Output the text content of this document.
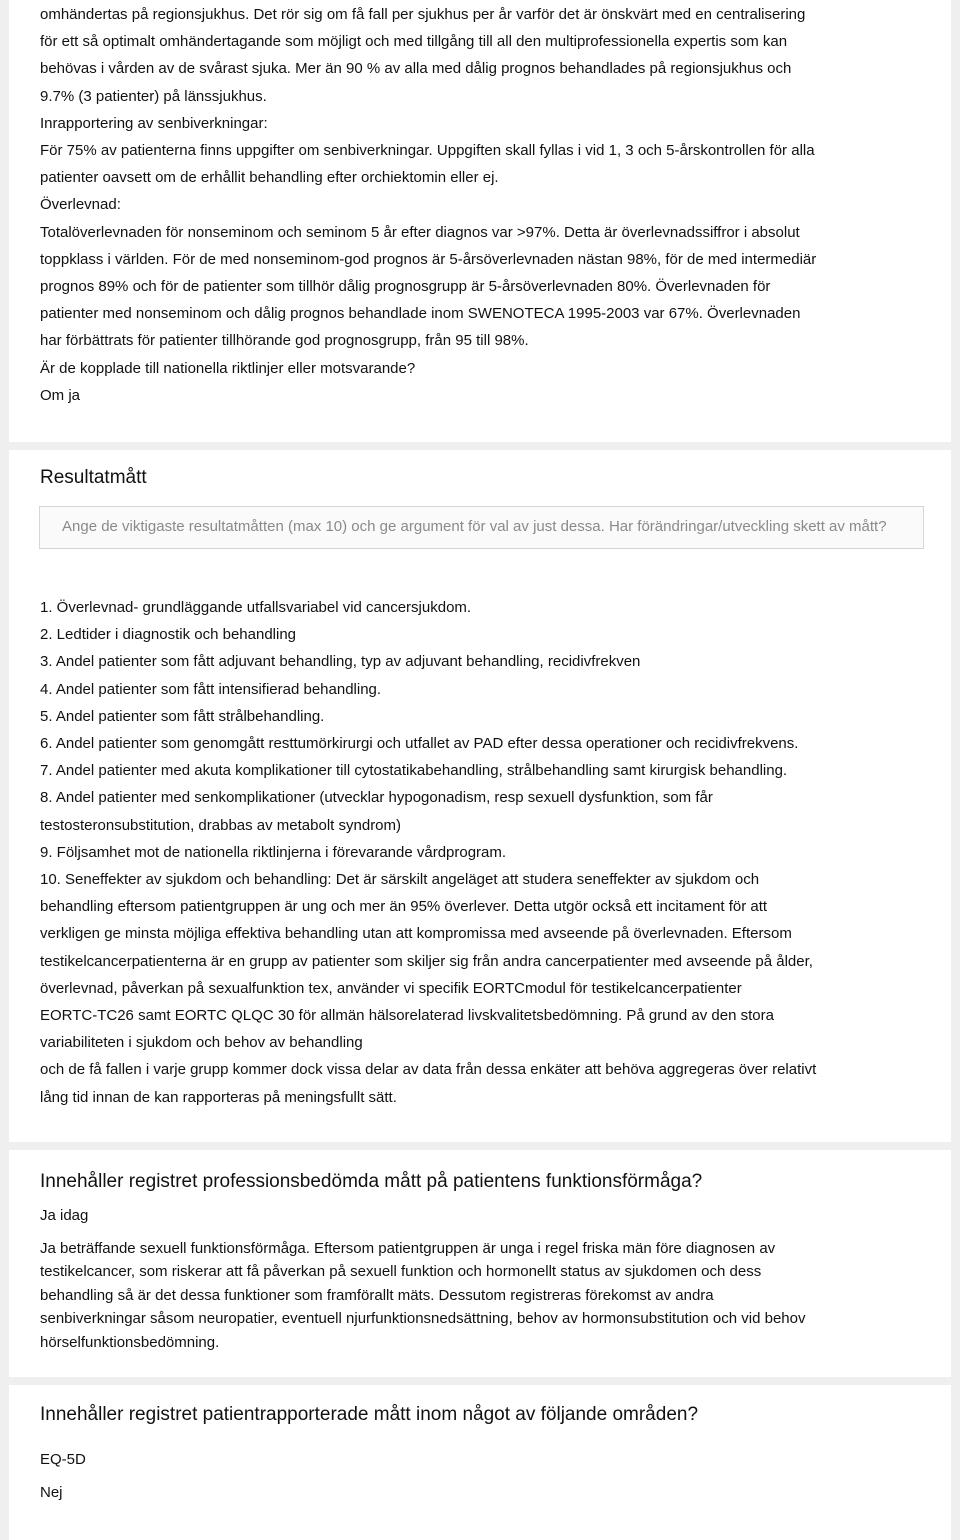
omhändertas på regionsjukhus. Det rör sig om få fall per sjukhus per år varför det är önskvärt med en centralisering
för ett så optimalt omhändertagande som möjligt och med tillgång till all den multiprofessionella expertis som kan
behövas i vården av de svårast sjuka. Mer än 90 % av alla med dålig prognos behandlades på regionsjukhus och
9.7% (3 patienter) på länssjukhus.
Inrapportering av senbiverkningar:
För 75% av patienterna finns uppgifter om senbiverkningar. Uppgiften skall fyllas i vid 1, 3 och 5-årskontrollen för alla
patienter oavsett om de erhållit behandling efter orchiektomin eller ej.
Överlevnad:
Totalöverlevnaden för nonseminom och seminom 5 år efter diagnos var >97%. Detta är överlevnadssiffror i absolut
toppklass i världen. För de med nonseminom-god prognos är 5-årsöverlevnaden nästan 98%, för de med intermediär
prognos 89% och för de patienter som tillhör dålig prognosgrupp är 5-årsöverlevnaden 80%. Överlevnaden för
patienter med nonseminom och dålig prognos behandlade inom SWENOTECA 1995-2003 var 67%. Överlevnaden
har förbättrats för patienter tillhörande god prognosgrupp, från 95 till 98%.
Är de kopplade till nationella riktlinjer eller motsvarande?
Om ja
Resultatmått
Ange de viktigaste resultatmåtten (max 10) och ge argument för val av just dessa. Har förändringar/utveckling skett av mått?
1. Överlevnad- grundläggande utfallsvariabel vid cancersjukdom.
2. Ledtider i diagnostik och behandling
3. Andel patienter som fått adjuvant behandling, typ av adjuvant behandling, recidivfrekven
4. Andel patienter som fått intensifierad behandling.
5. Andel patienter som fått strålbehandling.
6. Andel patienter som genomgått resttumörkirurgi och utfallet av PAD efter dessa operationer och recidivfrekvens.
7. Andel patienter med akuta komplikationer till cytostatikabehandling, strålbehandling samt kirurgisk behandling.
8. Andel patienter med senkomplikationer (utvecklar hypogonadism, resp sexuell dysfunktion, som får
testosteronsubstitution, drabbas av metabolt syndrom)
9. Följsamhet mot de nationella riktlinjerna i förevarande vårdprogram.
10. Seneffekter av sjukdom och behandling: Det är särskilt angeläget att studera seneffekter av sjukdom och
behandling eftersom patientgruppen är ung och mer än 95% överlever. Detta utgör också ett incitament för att
verkligen ge minsta möjliga effektiva behandling utan att kompromissa med avseende på överlevnaden. Eftersom
testikelcancerpatienterna är en grupp av patienter som skiljer sig från andra cancerpatienter med avseende på ålder,
överlevnad, påverkan på sexualfunktion tex, använder vi specifik EORTCmodul för testikelcancerpatienter
EORTC-TC26 samt EORTC QLQC 30 för allmän hälsorelaterad livskvalitetsbedömning. På grund av den stora
variabiliteten i sjukdom och behov av behandling
och de få fallen i varje grupp kommer dock vissa delar av data från dessa enkäter att behöva aggregeras över relativt
lång tid innan de kan rapporteras på meningsfullt sätt.
Innehåller registret professionsbedömda mått på patientens funktionsförmåga?
Ja idag
Ja beträffande sexuell funktionsförmåga. Eftersom patientgruppen är unga i regel friska män före diagnosen av
testikelcancer, som riskerar att få påverkan på sexuell funktion och hormonellt status av sjukdomen och dess
behandling så är det dessa funktioner som framförallt mäts. Dessutom registreras förekomst av andra
senbiverkningar såsom neuropatier, eventuell njurfunktionsnedsättning, behov av hormonsubstitution och vid behov
hörselfunktionsbedömning.
Innehåller registret patientrapporterade mått inom något av följande områden?
EQ-5D
Nej
